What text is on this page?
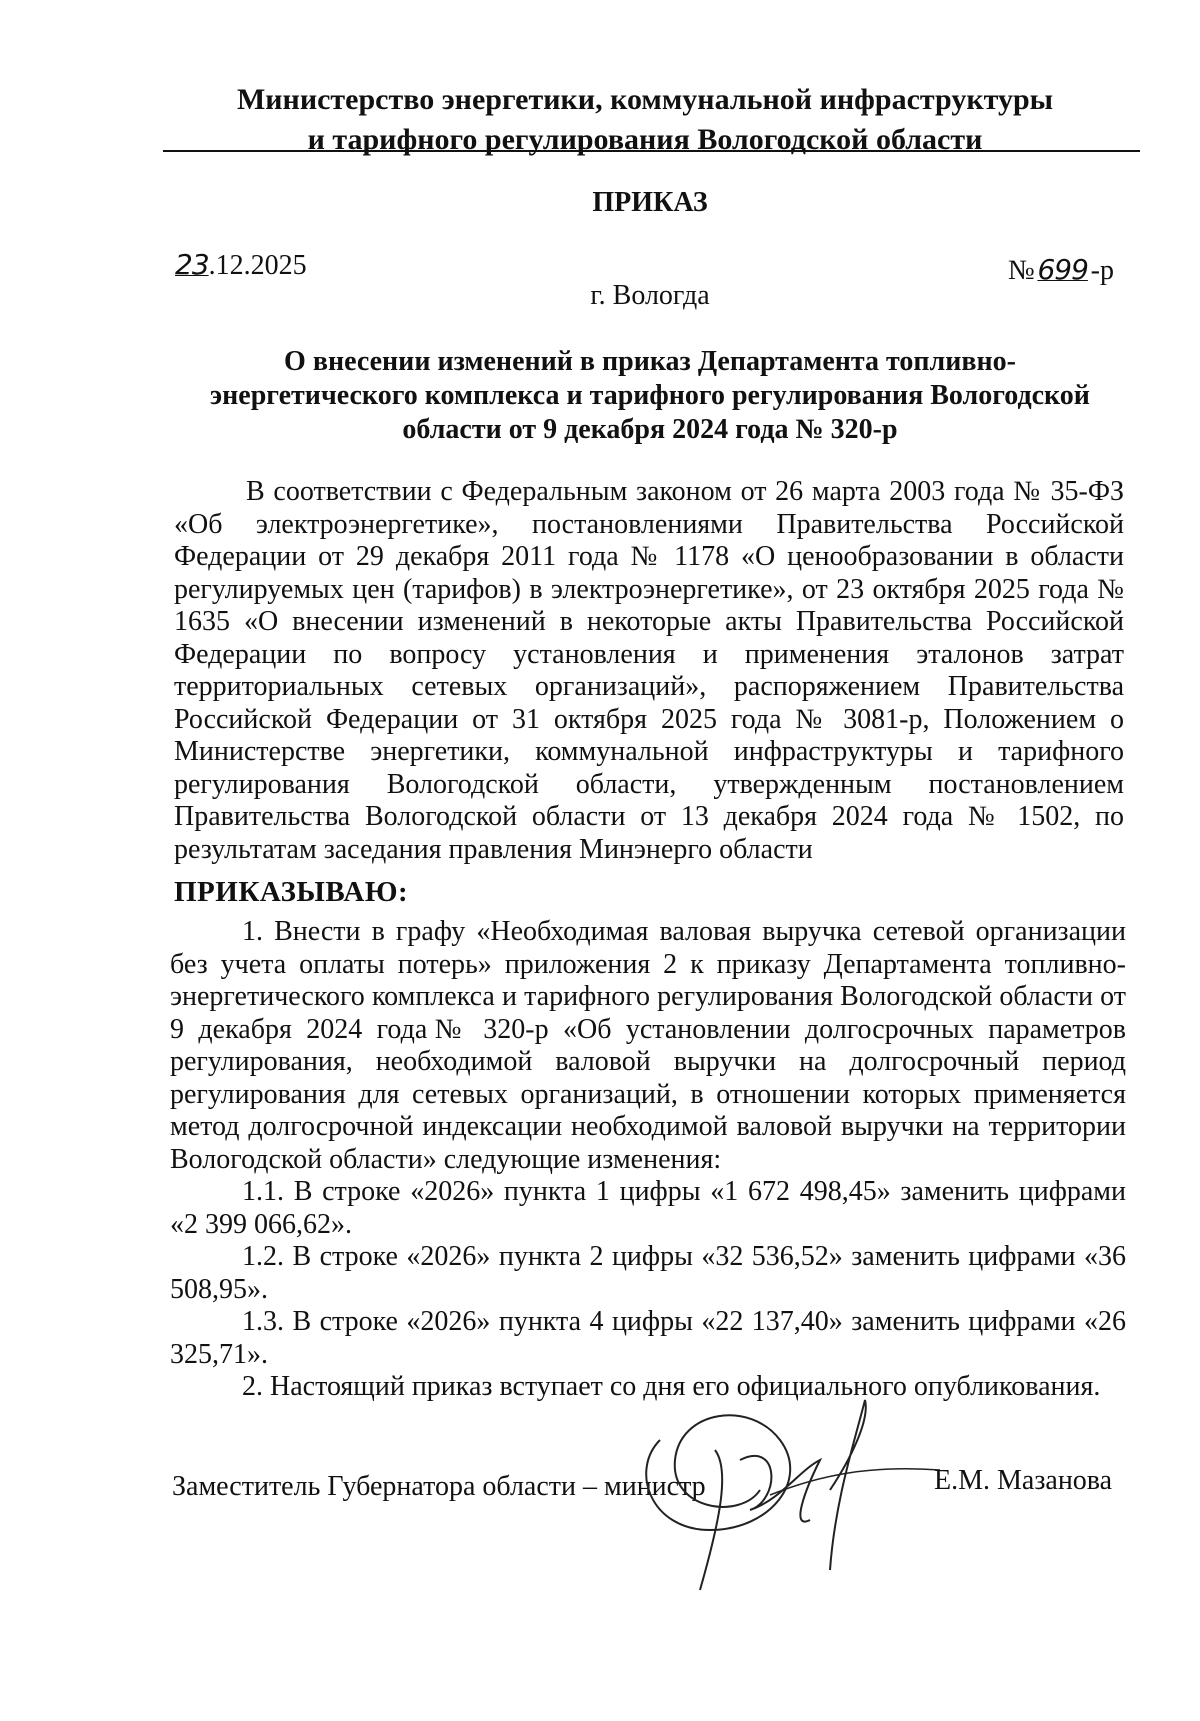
Министерство энергетики, коммунальной инфраструктуры
и тарифного регулирования Вологодской области
ПРИКАЗ
23.12.2025	№699-р
г. Вологда
О внесении изменений в приказ Департамента топливно-энергетического комплекса и тарифного регулирования Вологодской области от 9 декабря 2024 года № 320-р
В соответствии с Федеральным законом от 26 марта 2003 года № 35-ФЗ «Об электроэнергетике», постановлениями Правительства Российской Федерации от 29 декабря 2011 года № 1178 «О ценообразовании в области регулируемых цен (тарифов) в электроэнергетике», от 23 октября 2025 года № 1635 «О внесении изменений в некоторые акты Правительства Российской Федерации по вопросу установления и применения эталонов затрат территориальных сетевых организаций», распоряжением Правительства Российской Федерации от 31 октября 2025 года № 3081-р, Положением о Министерстве энергетики, коммунальной инфраструктуры и тарифного регулирования Вологодской области, утвержденным постановлением Правительства Вологодской области от 13 декабря 2024 года № 1502, по результатам заседания правления Минэнерго области
ПРИКАЗЫВАЮ:

1. Внести в графу «Необходимая валовая выручка сетевой организации без учета оплаты потерь» приложения 2 к приказу Департамента топливно-энергетического комплекса и тарифного регулирования Вологодской области от 9 декабря 2024 года№ 320-р «Об установлении долгосрочных параметров регулирования, необходимой валовой выручки на долгосрочный период регулирования для сетевых организаций, в отношении которых применяется метод долгосрочной индексации необходимой валовой выручки на территории Вологодской области» следующие изменения:

1.1. В строке «2026» пункта 1 цифры «1 672 498,45» заменить цифрами «2 399 066,62».

1.2. В строке «2026» пункта 2 цифры «32 536,52» заменить цифрами «36 508,95».

1.3. В строке «2026» пункта 4 цифры «22 137,40» заменить цифрами «26 325,71».

2. Настоящий приказ вступает со дня его официального опубликования.

Заместитель Губернатора области – министр	Е.М. Мазанова
